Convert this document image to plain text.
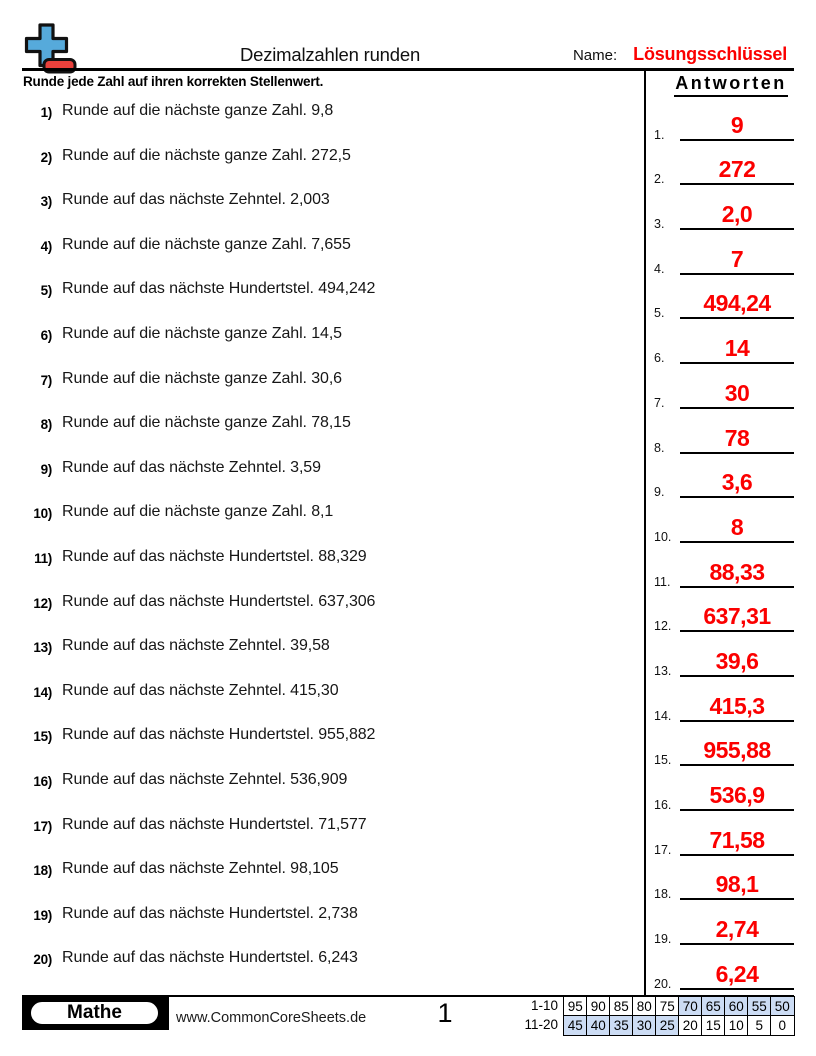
Dezimalzahlen runden	Name: Lösungsschlüssel
Runde jede Zahl auf ihren korrekten Stellenwert.
1) Runde auf die nächste ganze Zahl. 9,8
2) Runde auf die nächste ganze Zahl. 272,5
3) Runde auf das nächste Zehntel. 2,003
4) Runde auf die nächste ganze Zahl. 7,655
5) Runde auf das nächste Hundertstel. 494,242
6) Runde auf die nächste ganze Zahl. 14,5
7) Runde auf die nächste ganze Zahl. 30,6
8) Runde auf die nächste ganze Zahl. 78,15
9) Runde auf das nächste Zehntel. 3,59
10) Runde auf die nächste ganze Zahl. 8,1
11) Runde auf das nächste Hundertstel. 88,329
12) Runde auf das nächste Hundertstel. 637,306
13) Runde auf das nächste Zehntel. 39,58
14) Runde auf das nächste Zehntel. 415,30
15) Runde auf das nächste Hundertstel. 955,882
16) Runde auf das nächste Zehntel. 536,909
17) Runde auf das nächste Hundertstel. 71,577
18) Runde auf das nächste Zehntel. 98,105
19) Runde auf das nächste Hundertstel. 2,738
20) Runde auf das nächste Hundertstel. 6,243
Antworten
1.	9
2.	272
3.	2,0
4.	7
5.	494,24
6.	14
7.	30
8.	78
9.	3,6
10.	8
11.	88,33
12.	637,31
13.	39,6
14.	415,3
15.	955,88
16.	536,9
17.	71,58
18.	98,1
19.	2,74
20.	6,24
Mathe	www.CommonCoreSheets.de	1	1-10 95 90 85 80 75 70 65 60 55 50
11-20 45 40 35 30 25 20 15 10 5	0
